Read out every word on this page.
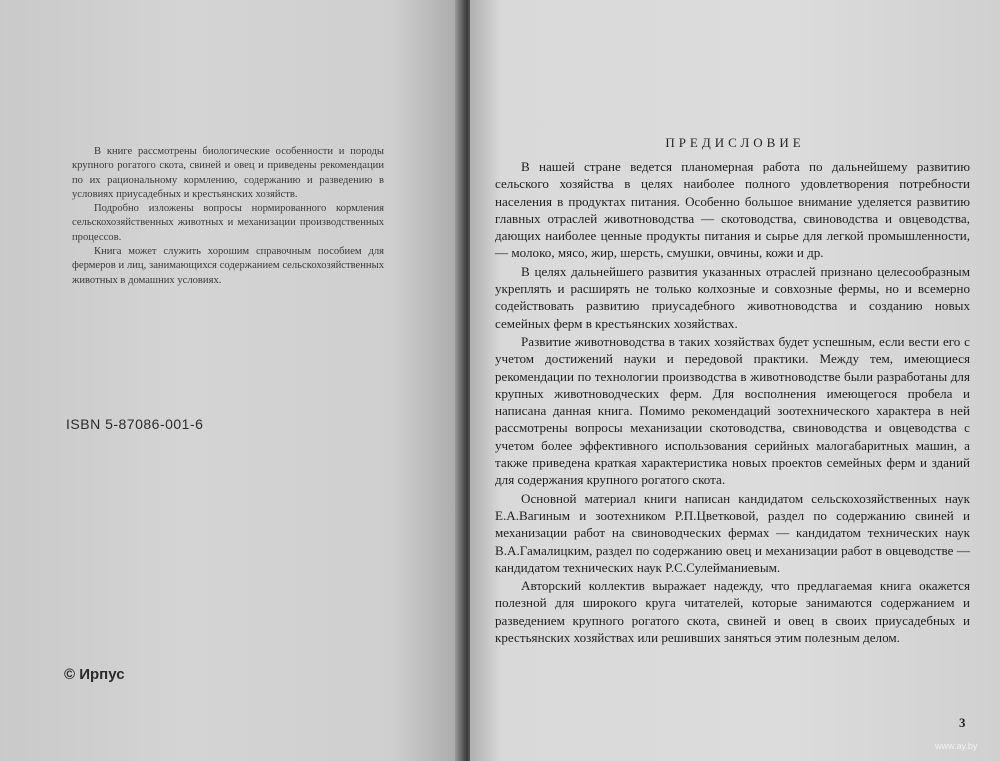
В книге рассмотрены биологические особенности и породы крупного рогатого скота, свиней и овец и приведены рекомендации по их рациональному кормлению, содержанию и разведению в условиях приусадебных и крестьянских хозяйств.

Подробно изложены вопросы нормированного кормления сельскохозяйственных животных и механизации производственных процессов.

Книга может служить хорошим справочным пособием для фермеров и лиц, занимающихся содержанием сельскохозяйственных животных в домашних условиях.

ISBN 5-87086-001-6
© Ирпус
ПРЕДИСЛОВИЕ

В нашей стране ведется планомерная работа по дальнейшему развитию сельского хозяйства в целях наиболее полного удовлетворения потребности населения в продуктах питания. Особенно большое внимание уделяется развитию главных отраслей животноводства — скотоводства, свиноводства и овцеводства, дающих наиболее ценные продукты питания и сырье для легкой промышленности, — молоко, мясо, жир, шерсть, смушки, овчины, кожи и др.

В целях дальнейшего развития указанных отраслей признано целесообразным укреплять и расширять не только колхозные и совхозные фермы, но и всемерно содействовать развитию приусадебного животноводства и созданию новых семейных ферм в крестьянских хозяйствах.

Развитие животноводства в таких хозяйствах будет успешным, если вести его с учетом достижений науки и передовой практики. Между тем, имеющиеся рекомендации по технологии производства в животноводстве были разработаны для крупных животноводческих ферм. Для восполнения имеющегося пробела и написана данная книга. Помимо рекомендаций зоотехнического характера в ней рассмотрены вопросы механизации скотоводства, свиноводства и овцеводства с учетом более эффективного использования серийных малогабаритных машин, а также приведена краткая характеристика новых проектов семейных ферм и зданий для содержания крупного рогатого скота.

Основной материал книги написан кандидатом сельскохозяйственных наук Е.А.Вагиным и зоотехником Р.П.Цветковой, раздел по содержанию свиней и механизации работ на свиноводческих фермах — кандидатом технических наук В.А.Гамалицким, раздел по содержанию овец и механизации работ в овцеводстве — кандидатом технических наук Р.С.Сулейманиевым.

Авторский коллектив выражает надежду, что предлагаемая книга окажется полезной для широкого круга читателей, которые занимаются содержанием и разведением крупного рогатого скота, свиней и овец в своих приусадебных и крестьянских хозяйствах или решивших заняться этим полезным делом.

3
www.ay.by
